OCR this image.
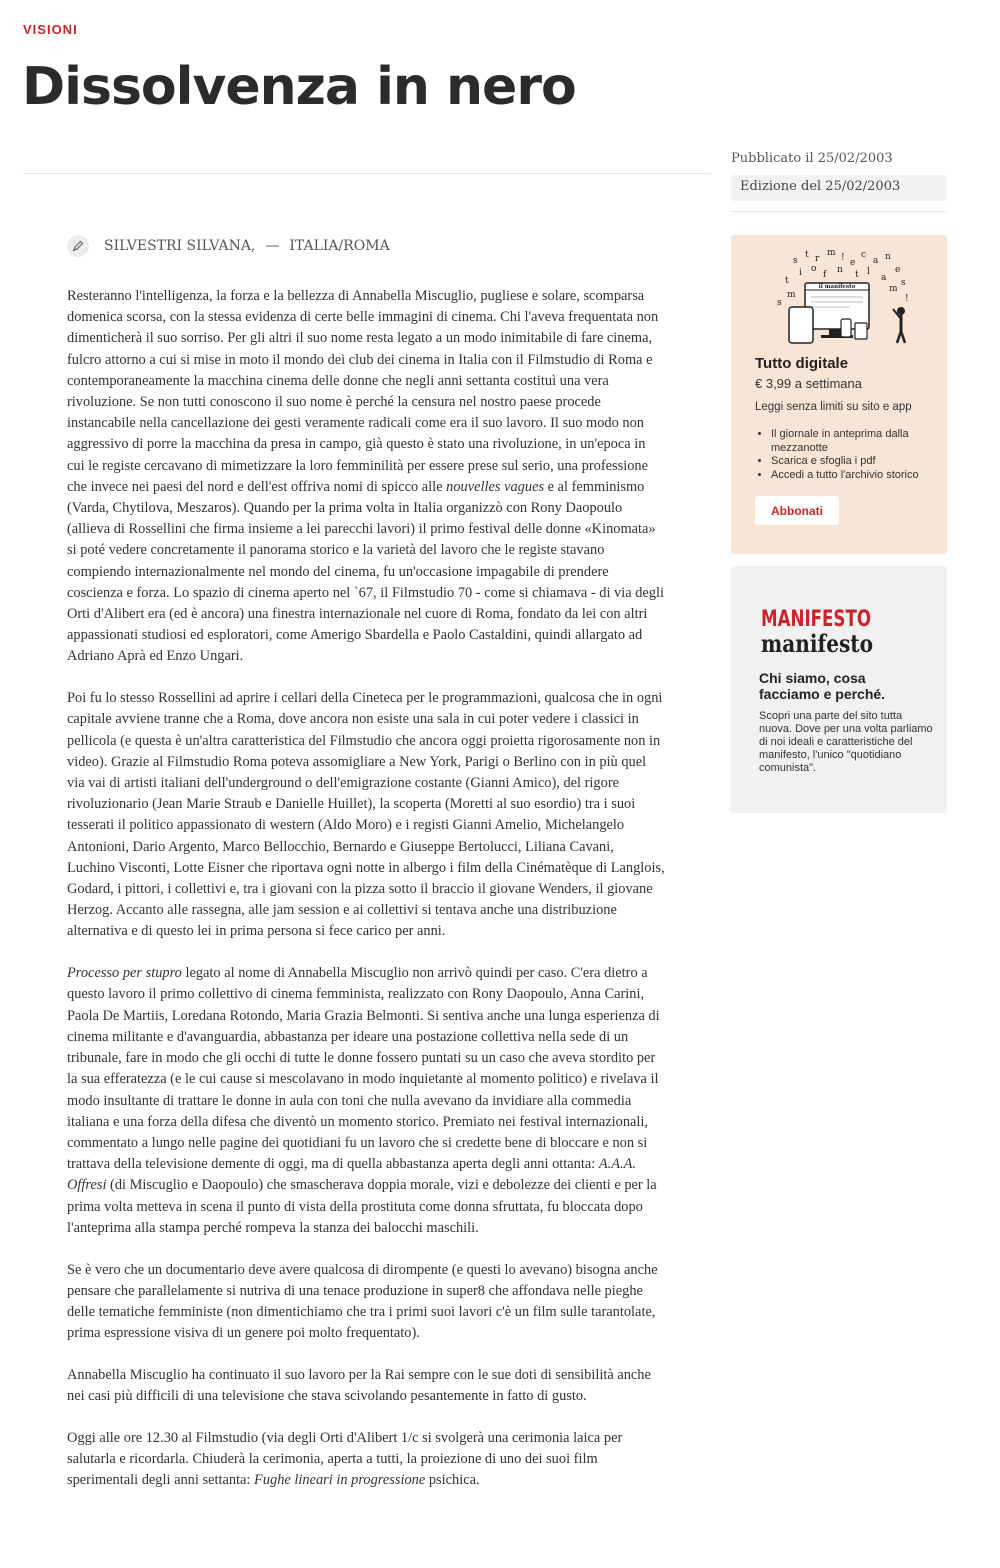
VISIONI
Dissolvenza in nero
Pubblicato il 25/02/2003
Edizione del 25/02/2003
SILVESTRI SILVANA, — ITALIA/ROMA

Resteranno l'intelligenza, la forza e la bellezza di Annabella Miscuglio, pugliese e solare, scomparsa domenica scorsa, con la stessa evidenza di certe belle immagini di cinema. Chi l'aveva frequentata non dimenticherà il suo sorriso. Per gli altri il suo nome resta legato a un modo inimitabile di fare cinema, fulcro attorno a cui si mise in moto il mondo dei club dei cinema in Italia con il Filmstudio di Roma e contemporaneamente la macchina cinema delle donne che negli anni settanta costituì una vera rivoluzione. Se non tutti conoscono il suo nome è perché la censura nel nostro paese procede instancabile nella cancellazione dei gesti veramente radicali come era il suo lavoro. Il suo modo non aggressivo di porre la macchina da presa in campo, già questo è stato una rivoluzione, in un'epoca in cui le registe cercavano di mimetizzare la loro femminilità per essere prese sul serio, una professione che invece nei paesi del nord e dell'est offriva nomi di spicco alle nouvelles vagues e al femminismo (Varda, Chytilova, Meszaros). Quando per la prima volta in Italia organizzò con Rony Daopoulo (allieva di Rossellini che firma insieme a lei parecchi lavori) il primo festival delle donne «Kinomata» si poté vedere concretamente il panorama storico e la varietà del lavoro che le registe stavano compiendo internazionalmente nel mondo del cinema, fu un'occasione impagabile di prendere coscienza e forza. Lo spazio di cinema aperto nel `67, il Filmstudio 70 - come si chiamava - di via degli Orti d'Alibert era (ed è ancora) una finestra internazionale nel cuore di Roma, fondato da lei con altri appassionati studiosi ed esploratori, come Amerigo Sbardella e Paolo Castaldini, quindi allargato ad Adriano Aprà ed Enzo Ungari.

Poi fu lo stesso Rossellini ad aprire i cellari della Cineteca per le programmazioni, qualcosa che in ogni capitale avviene tranne che a Roma, dove ancora non esiste una sala in cui poter vedere i classici in pellicola (e questa è un'altra caratteristica del Filmstudio che ancora oggi proietta rigorosamente non in video). Grazie al Filmstudio Roma poteva assomigliare a New York, Parigi o Berlino con in più quel via vai di artisti italiani dell'underground o dell'emigrazione costante (Gianni Amico), del rigore rivoluzionario (Jean Marie Straub e Danielle Huillet), la scoperta (Moretti al suo esordio) tra i suoi tesserati il politico appassionato di western (Aldo Moro) e i registi Gianni Amelio, Michelangelo Antonioni, Dario Argento, Marco Bellocchio, Bernardo e Giuseppe Bertolucci, Liliana Cavani, Luchino Visconti, Lotte Eisner che riportava ogni notte in albergo i film della Cinématèque di Langlois, Godard, i pittori, i collettivi e, tra i giovani con la pizza sotto il braccio il giovane Wenders, il giovane Herzog. Accanto alle rassegna, alle jam session e ai collettivi si tentava anche una distribuzione alternativa e di questo lei in prima persona si fece carico per anni.

Processo per stupro legato al nome di Annabella Miscuglio non arrivò quindi per caso. C'era dietro a questo lavoro il primo collettivo di cinema femminista, realizzato con Rony Daopoulo, Anna Carini, Paola De Martiis, Loredana Rotondo, Maria Grazia Belmonti. Si sentiva anche una lunga esperienza di cinema militante e d'avanguardia, abbastanza per ideare una postazione collettiva nella sede di un tribunale, fare in modo che gli occhi di tutte le donne fossero puntati su un caso che aveva stordito per la sua efferatezza (e le cui cause si mescolavano in modo inquietante al momento politico) e rivelava il modo insultante di trattare le donne in aula con toni che nulla avevano da invidiare alla commedia italiana e una forza della difesa che diventò un momento storico. Premiato nei festival internazionali, commentato a lungo nelle pagine dei quotidiani fu un lavoro che si credette bene di bloccare e non si trattava della televisione demente di oggi, ma di quella abbastanza aperta degli anni ottanta: A.A.A. Offresi (di Miscuglio e Daopoulo) che smascherava doppia morale, vizi e debolezze dei clienti e per la prima volta metteva in scena il punto di vista della prostituta come donna sfruttata, fu bloccata dopo l'anteprima alla stampa perché rompeva la stanza dei balocchi maschili.

Se è vero che un documentario deve avere qualcosa di dirompente (e questi lo avevano) bisogna anche pensare che parallelamente si nutriva di una tenace produzione in super8 che affondava nelle pieghe delle tematiche femministe (non dimentichiamo che tra i primi suoi lavori c'è un film sulle tarantolate, prima espressione visiva di un genere poi molto frequentato).

Annabella Miscuglio ha continuato il suo lavoro per la Rai sempre con le sue doti di sensibilità anche nei casi più difficili di una televisione che stava scivolando pesantemente in fatto di gusto.

Oggi alle ore 12.30 al Filmstudio (via degli Orti d'Alibert 1/c si svolgerà una cerimonia laica per salutarla e ricordarla. Chiuderà la cerimonia, aperta a tutti, la proiezione di uno dei suoi film sperimentali degli anni settanta: Fughe lineari in progressione psichica.

s
t r
m ! e
c
a n
i o
f n t l
a
e
t
m
s
s
m	!
il manifesto
Tutto digitale
€ 3,99 a settimana
Leggi senza limiti su sito e app
• Il giornale in anteprima dalla mezzanotte
• Scarica e sfoglia i pdf
• Accedi a tutto l'archivio storico
Abbonati
MANIFESTO
manifesto
Chi siamo, cosa facciamo e perché.
Scopri una parte del sito tutta nuova. Dove per una volta parliamo di noi ideali e caratteristiche del manifesto, l'unico "quotidiano comunista".
